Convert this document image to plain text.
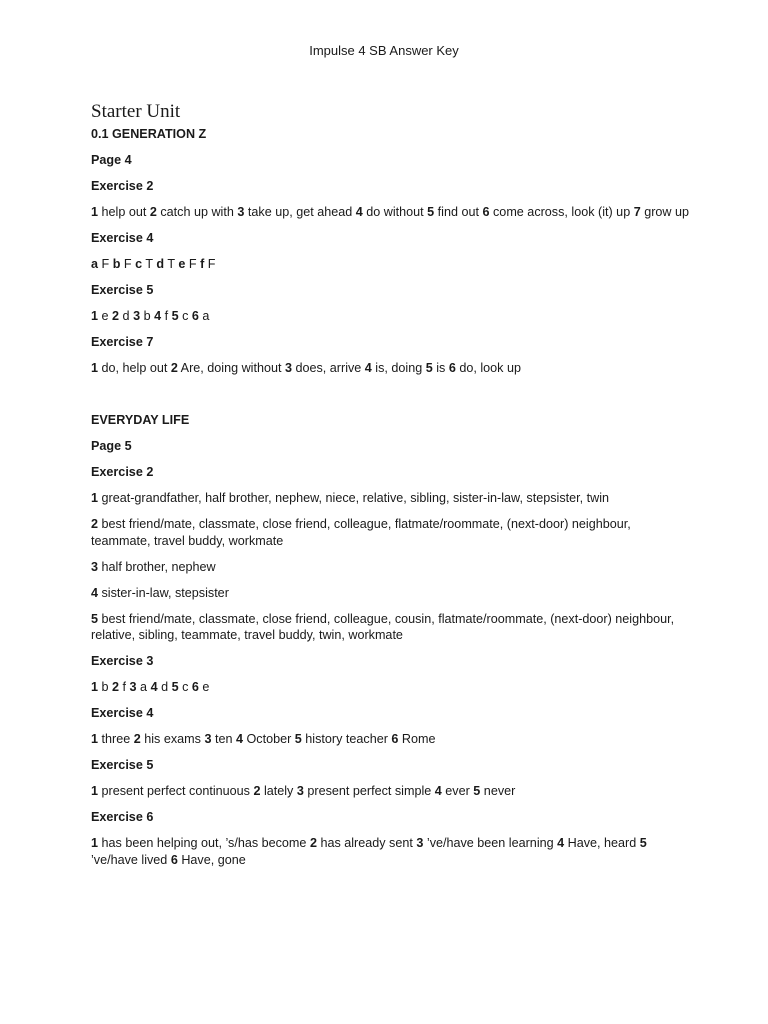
Impulse 4 SB Answer Key
Starter Unit
0.1 GENERATION Z
Page 4
Exercise 2
1 help out 2 catch up with 3 take up, get ahead 4 do without 5 find out 6 come across, look (it) up 7 grow up
Exercise 4
a F b F c T d T e F f F
Exercise 5
1 e 2 d 3 b 4 f 5 c 6 a
Exercise 7
1 do, help out 2 Are, doing without 3 does, arrive 4 is, doing 5 is 6 do, look up
EVERYDAY LIFE
Page 5
Exercise 2
1 great-grandfather, half brother, nephew, niece, relative, sibling, sister-in-law, stepsister, twin
2 best friend/mate, classmate, close friend, colleague, flatmate/roommate, (next-door) neighbour, teammate, travel buddy, workmate
3 half brother, nephew
4 sister-in-law, stepsister
5 best friend/mate, classmate, close friend, colleague, cousin, flatmate/roommate, (next-door) neighbour, relative, sibling, teammate, travel buddy, twin, workmate
Exercise 3
1 b 2 f 3 a 4 d 5 c 6 e
Exercise 4
1 three 2 his exams 3 ten 4 October 5 history teacher 6 Rome
Exercise 5
1 present perfect continuous 2 lately 3 present perfect simple 4 ever 5 never
Exercise 6
1 has been helping out, ’s/has become 2 has already sent 3 ’ve/have been learning 4 Have, heard 5 ’ve/have lived 6 Have, gone
